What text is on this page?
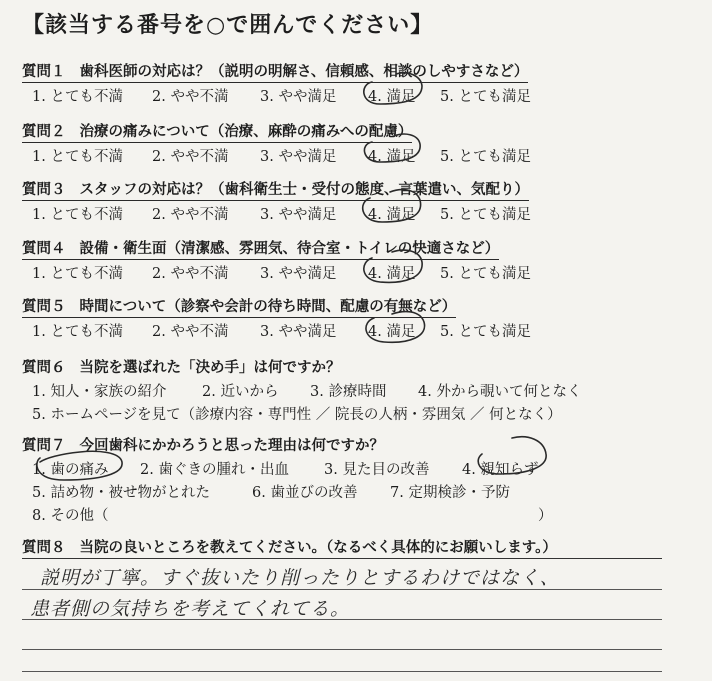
【該当する番号を○で囲んでください】
質問１ 歯科医師の対応は？（説明の明解さ、信頼感、相談のしやすさなど）
1. とても不満 2. やや不満 3. やや満足 4. 満足 5. とても満足
質問２ 治療の痛みについて（治療、麻酔の痛みへの配慮）
1. とても不満 2. やや不満 3. やや満足 4. 満足 5. とても満足
質問３ スタッフの対応は？（歯科衛生士・受付の態度、言葉遣い、気配り）
1. とても不満 2. やや不満 3. やや満足 4. 満足 5. とても満足
質問４ 設備・衛生面（清潔感、雰囲気、待合室・トイレの快適さなど）
1. とても不満 2. やや不満 3. やや満足 4. 満足 5. とても満足
質問５ 時間について（診察や会計の待ち時間、配慮の有無など）
1. とても不満 2. やや不満 3. やや満足 4. 満足 5. とても満足
質問６ 当院を選ばれた「決め手」は何ですか？
1. 知人・家族の紹介 2. 近いから 3. 診療時間 4. 外から覗いて何となく
5. ホームページを見て（診療内容・専門性 ／ 院長の人柄・雰囲気 ／ 何となく）
質問７ 今回歯科にかかろうと思った理由は何ですか？
1. 歯の痛み 2. 歯ぐきの腫れ・出血 3. 見た目の改善 4. 親知らず
5. 詰め物・被せ物がとれた	6. 歯並びの改善 7. 定期検診・予防
8. その他（	）
質問８ 当院の良いところを教えてください。（なるべく具体的にお願いします。）
説明が丁寧。すぐ抜いたり削ったりとするわけではなく、
患者側の気持ちを考えてくれてる。
